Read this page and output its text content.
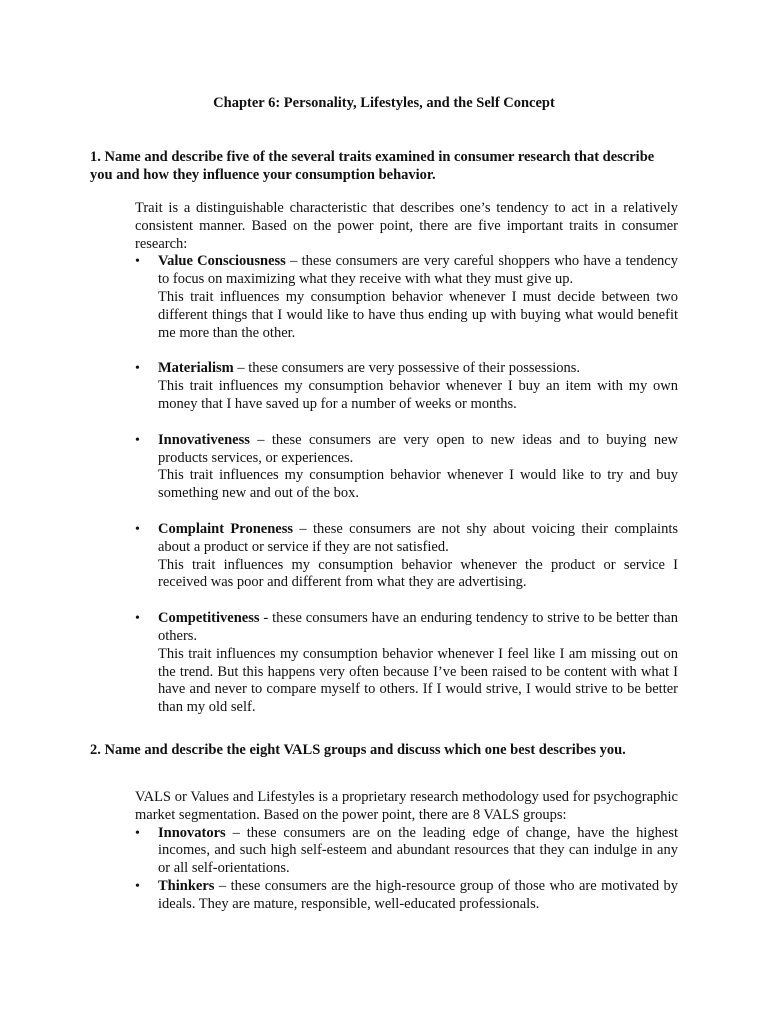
Chapter 6: Personality, Lifestyles, and the Self Concept
1. Name and describe five of the several traits examined in consumer research that describe you and how they influence your consumption behavior.
Trait is a distinguishable characteristic that describes one’s tendency to act in a relatively consistent manner. Based on the power point, there are five important traits in consumer research:
• Value Consciousness – these consumers are very careful shoppers who have a tendency to focus on maximizing what they receive with what they must give up.

This trait influences my consumption behavior whenever I must decide between two different things that I would like to have thus ending up with buying what would benefit me more than the other.

• Materialism – these consumers are very possessive of their possessions.

This trait influences my consumption behavior whenever I buy an item with my own money that I have saved up for a number of weeks or months.

• Innovativeness – these consumers are very open to new ideas and to buying new products services, or experiences.

This trait influences my consumption behavior whenever I would like to try and buy something new and out of the box.

• Complaint Proneness – these consumers are not shy about voicing their complaints about a product or service if they are not satisfied.

This trait influences my consumption behavior whenever the product or service I received was poor and different from what they are advertising.

• Competitiveness - these consumers have an enduring tendency to strive to be better than others.

This trait influences my consumption behavior whenever I feel like I am missing out on the trend. But this happens very often because I’ve been raised to be content with what I have and never to compare myself to others. If I would strive, I would strive to be better than my old self.

2. Name and describe the eight VALS groups and discuss which one best describes you.
VALS or Values and Lifestyles is a proprietary research methodology used for psychographic market segmentation. Based on the power point, there are 8 VALS groups:
• Innovators – these consumers are on the leading edge of change, have the highest incomes, and such high self-esteem and abundant resources that they can indulge in any or all self-orientations.

• Thinkers – these consumers are the high-resource group of those who are motivated by ideals. They are mature, responsible, well-educated professionals.
